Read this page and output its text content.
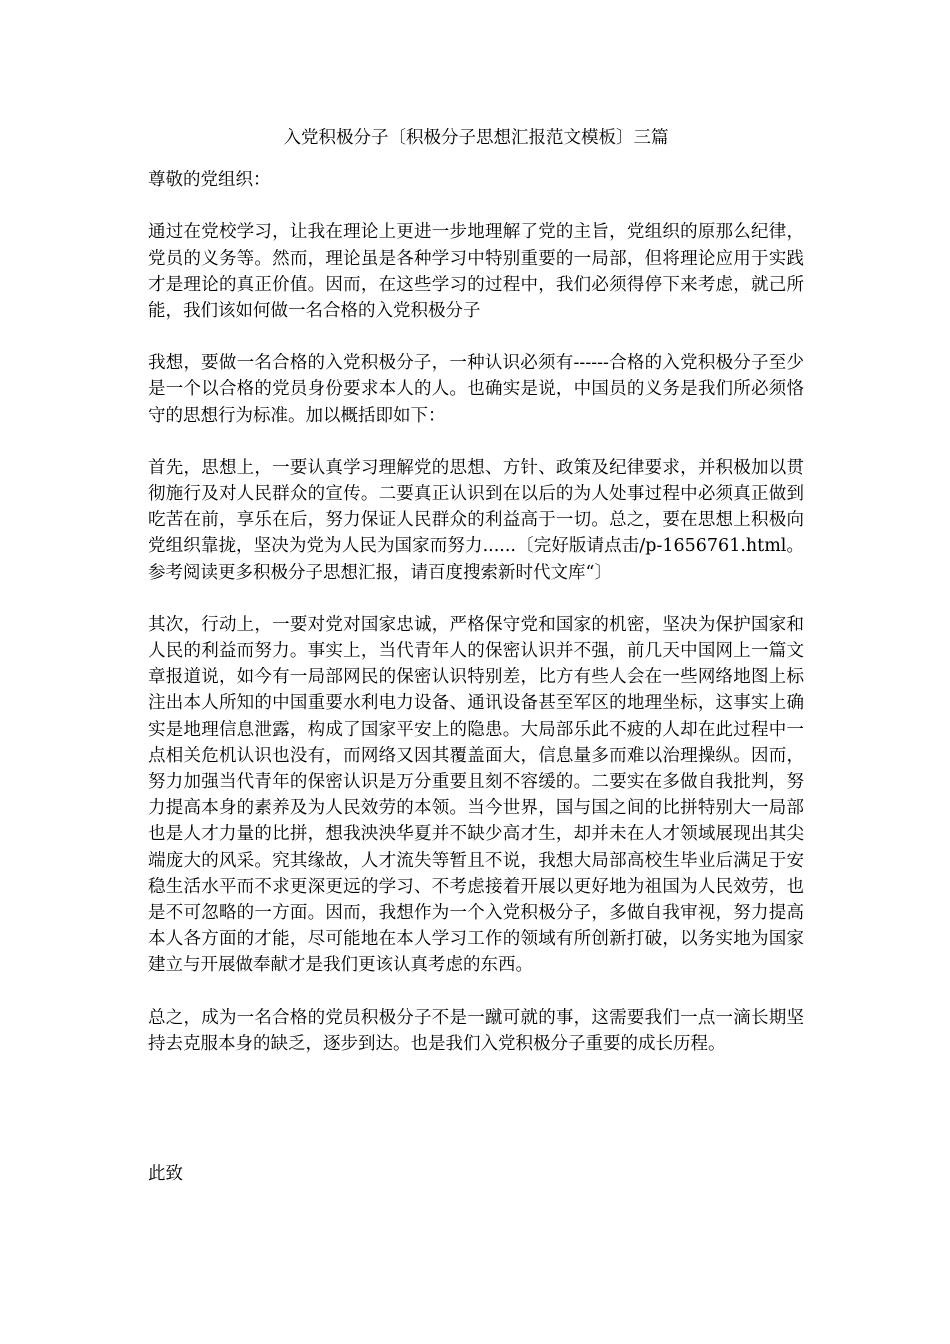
入党积极分子〔积极分子思想汇报范文模板〕三篇

尊敬的党组织：

通过在党校学习，让我在理论上更进一步地理解了党的主旨，党组织的原那么纪律，党员的义务等。然而，理论虽是各种学习中特别重要的一局部，但将理论应用于实践才是理论的真正价值。因而，在这些学习的过程中，我们必须得停下来考虑，就己所能，我们该如何做一名合格的入党积极分子

我想，要做一名合格的入党积极分子，一种认识必须有------合格的入党积极分子至少是一个以合格的党员身份要求本人的人。也确实是说，中国员的义务是我们所必须恪守的思想行为标准。加以概括即如下：

首先，思想上，一要认真学习理解党的思想、方针、政策及纪律要求，并积极加以贯彻施行及对人民群众的宣传。二要真正认识到在以后的为人处事过程中必须真正做到吃苦在前，享乐在后，努力保证人民群众的利益高于一切。总之，要在思想上积极向党组织靠拢，坚决为党为人民为国家而努力......〔完好版请点击/p-1656761.html。参考阅读更多积极分子思想汇报，请百度搜索新时代文库“〕

其次，行动上，一要对党对国家忠诚，严格保守党和国家的机密，坚决为保护国家和人民的利益而努力。事实上，当代青年人的保密认识并不强，前几天中国网上一篇文章报道说，如今有一局部网民的保密认识特别差，比方有些人会在一些网络地图上标注出本人所知的中国重要水利电力设备、通讯设备甚至军区的地理坐标，这事实上确实是地理信息泄露，构成了国家平安上的隐患。大局部乐此不疲的人却在此过程中一点相关危机认识也没有，而网络又因其覆盖面大，信息量多而难以治理操纵。因而，努力加强当代青年的保密认识是万分重要且刻不容缓的。二要实在多做自我批判，努力提高本身的素养及为人民效劳的本领。当今世界，国与国之间的比拼特别大一局部也是人才力量的比拼，想我泱泱华夏并不缺少高才生，却并未在人才领域展现出其尖端庞大的风采。究其缘故，人才流失等暂且不说，我想大局部高校生毕业后满足于安稳生活水平而不求更深更远的学习、不考虑接着开展以更好地为祖国为人民效劳，也是不可忽略的一方面。因而，我想作为一个入党积极分子，多做自我审视，努力提高本人各方面的才能，尽可能地在本人学习工作的领域有所创新打破，以务实地为国家建立与开展做奉献才是我们更该认真考虑的东西。

总之，成为一名合格的党员积极分子不是一蹴可就的事，这需要我们一点一滴长期坚持去克服本身的缺乏，逐步到达。也是我们入党积极分子重要的成长历程。

此致
